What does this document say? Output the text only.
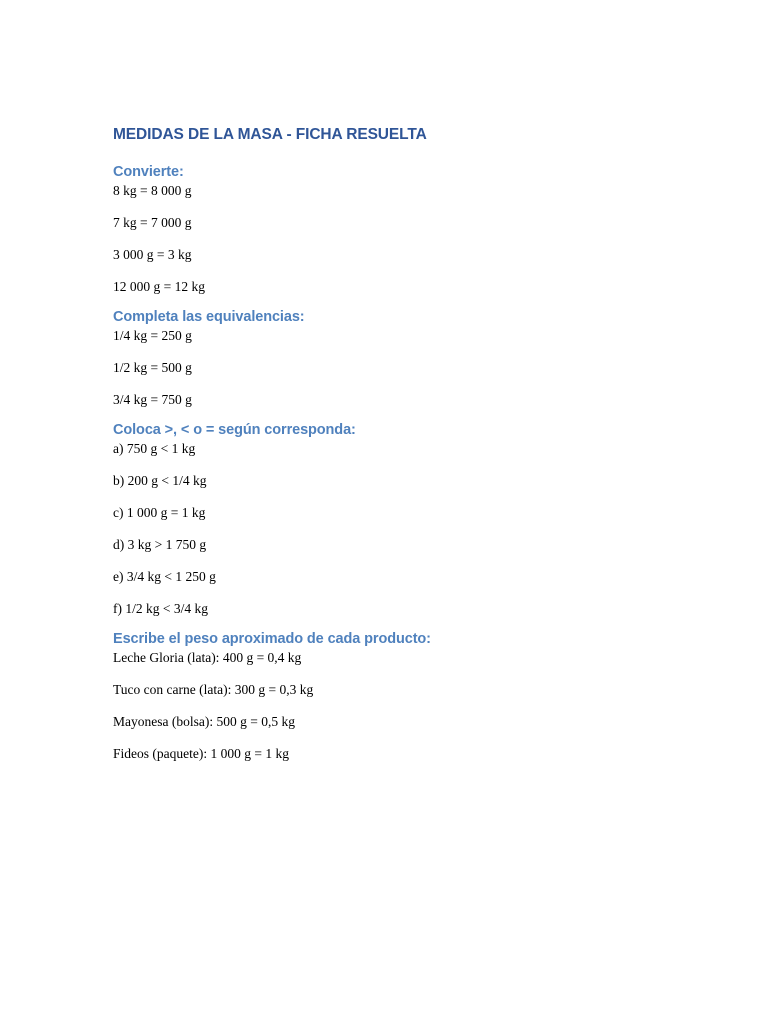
MEDIDAS DE LA MASA - FICHA RESUELTA
Convierte:
8 kg = 8 000 g
7 kg = 7 000 g
3 000 g = 3 kg
12 000 g = 12 kg
Completa las equivalencias:
1/4 kg = 250 g
1/2 kg = 500 g
3/4 kg = 750 g
Coloca >, < o = según corresponda:
a) 750 g < 1 kg
b) 200 g < 1/4 kg
c) 1 000 g = 1 kg
d) 3 kg > 1 750 g
e) 3/4 kg < 1 250 g
f) 1/2 kg < 3/4 kg
Escribe el peso aproximado de cada producto:
Leche Gloria (lata): 400 g = 0,4 kg
Tuco con carne (lata): 300 g = 0,3 kg
Mayonesa (bolsa): 500 g = 0,5 kg
Fideos (paquete): 1 000 g = 1 kg
